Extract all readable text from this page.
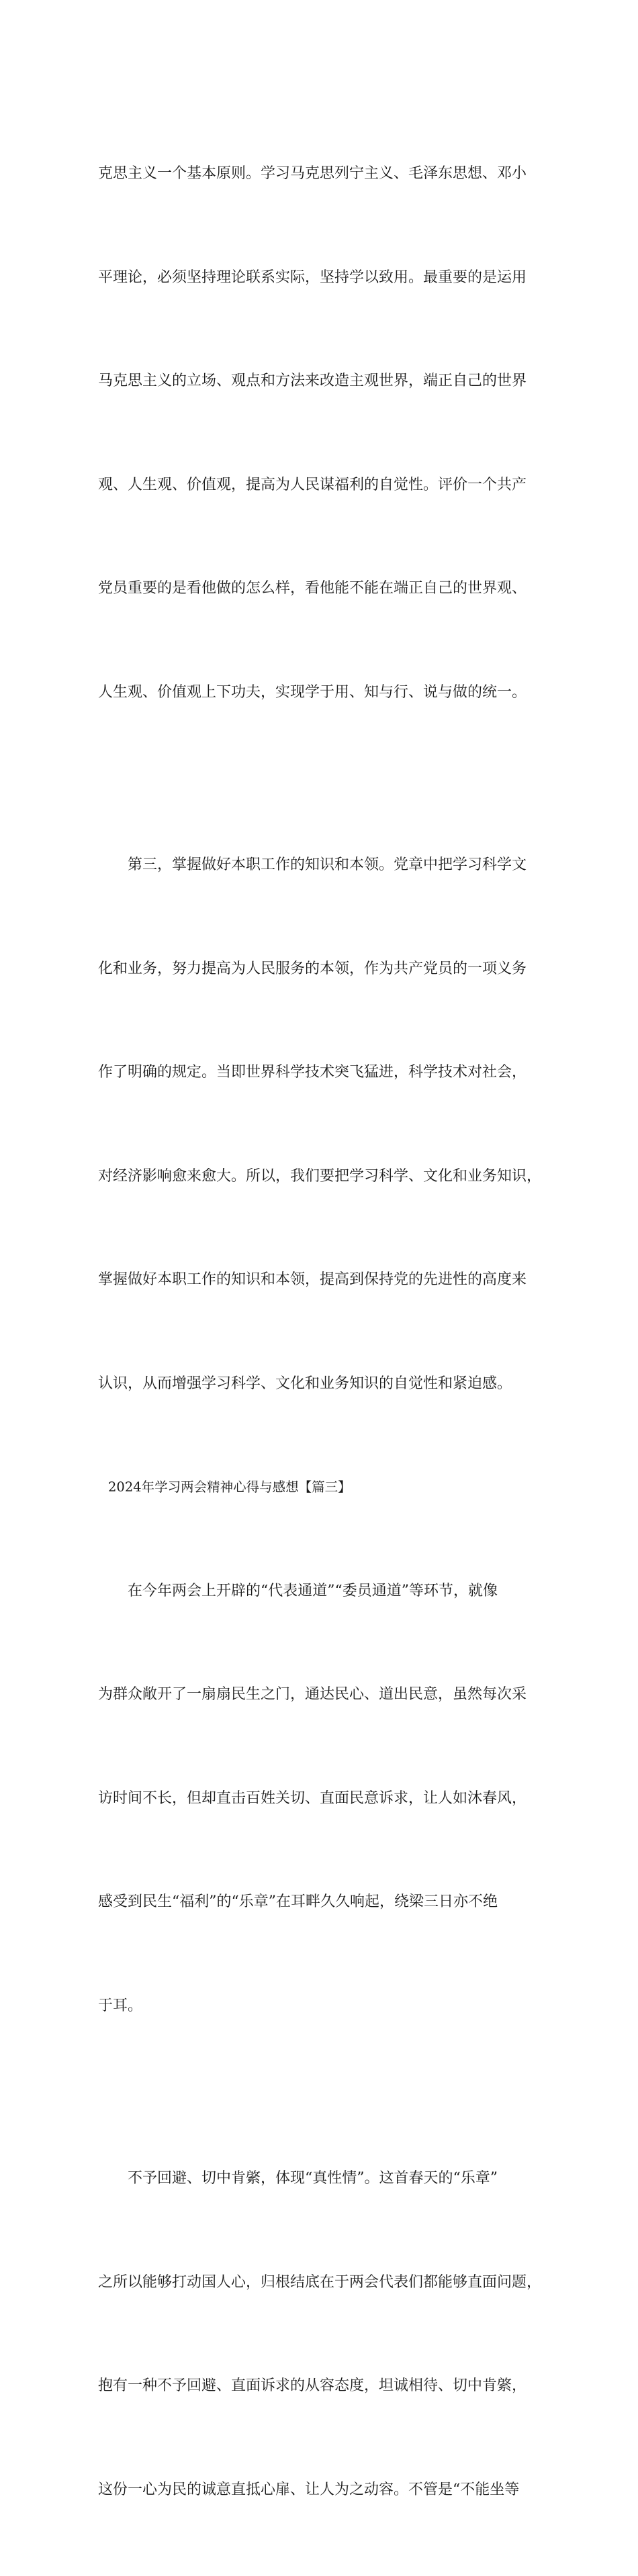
克思主义一个基本原则。学习马克思列宁主义、毛泽东思想、邓小

平理论，必须坚持理论联系实际，坚持学以致用。最重要的是运用

马克思主义的立场、观点和方法来改造主观世界，端正自己的世界

观、人生观、价值观，提高为人民谋福利的自觉性。评价一个共产

党员重要的是看他做的怎么样，看他能不能在端正自己的世界观、

人生观、价值观上下功夫，实现学于用、知与行、说与做的统一。

第三，掌握做好本职工作的知识和本领。党章中把学习科学文

化和业务，努力提高为人民服务的本领，作为共产党员的一项义务

作了明确的规定。当即世界科学技术突飞猛进，科学技术对社会，

对经济影响愈来愈大。所以，我们要把学习科学、文化和业务知识，

掌握做好本职工作的知识和本领，提高到保持党的先进性的高度来

认识，从而增强学习科学、文化和业务知识的自觉性和紧迫感。

2024年学习两会精神心得与感想【篇三】

在今年两会上开辟的“代表通道”“委员通道”等环节，就像

为群众敞开了一扇扇民生之门，通达民心、道出民意，虽然每次采

访时间不长，但却直击百姓关切、直面民意诉求，让人如沐春风，

感受到民生“福利”的“乐章”在耳畔久久响起，绕梁三日亦不绝

于耳。

不予回避、切中肯綮，体现“真性情”。这首春天的“乐章”

之所以能够打动国人心，归根结底在于两会代表们都能够直面问题，

抱有一种不予回避、直面诉求的从容态度，坦诚相待、切中肯綮，

这份一心为民的诚意直抵心扉、让人为之动容。不管是“不能坐等
